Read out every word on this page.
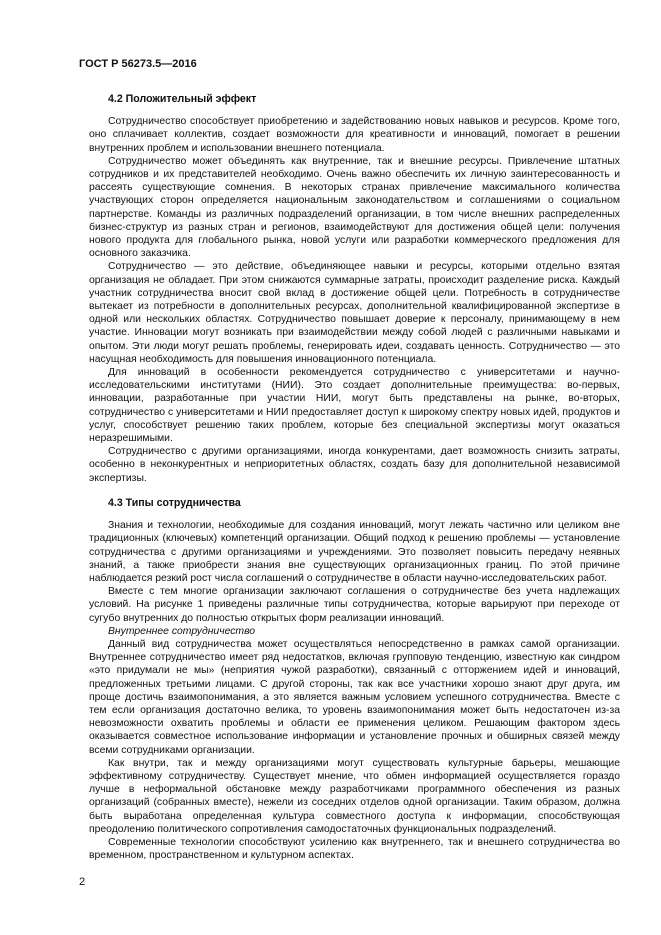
ГОСТ Р 56273.5—2016
4.2 Положительный эффект

Сотрудничество способствует приобретению и задействованию новых навыков и ресурсов. Кроме того, оно сплачивает коллектив, создает возможности для креативности и инноваций, помогает в решении внутренних проблем и использовании внешнего потенциала.

Сотрудничество может объединять как внутренние, так и внешние ресурсы. Привлечение штатных сотрудников и их представителей необходимо. Очень важно обеспечить их личную заинтересованность и рассеять существующие сомнения. В некоторых странах привлечение максимального количества участвующих сторон определяется национальным законодательством и соглашениями о социальном партнерстве. Команды из различных подразделений организации, в том числе внешних распределенных бизнес-структур из разных стран и регионов, взаимодействуют для достижения общей цели: получения нового продукта для глобального рынка, новой услуги или разработки коммерческого предложения для основного заказчика.

Сотрудничество — это действие, объединяющее навыки и ресурсы, которыми отдельно взятая организация не обладает. При этом снижаются суммарные затраты, происходит разделение риска. Каждый участник сотрудничества вносит свой вклад в достижение общей цели. Потребность в сотрудничестве вытекает из потребности в дополнительных ресурсах, дополнительной квалифицированной экспертизе в одной или нескольких областях. Сотрудничество повышает доверие к персоналу, принимающему в нем участие. Инновации могут возникать при взаимодействии между собой людей с различными навыками и опытом. Эти люди могут решать проблемы, генерировать идеи, создавать ценность. Сотрудничество — это насущная необходимость для повышения инновационного потенциала.

Для инноваций в особенности рекомендуется сотрудничество с университетами и научно-исследовательскими институтами (НИИ). Это создает дополнительные преимущества: во-первых, инновации, разработанные при участии НИИ, могут быть представлены на рынке, во-вторых, сотрудничество с университетами и НИИ предоставляет доступ к широкому спектру новых идей, продуктов и услуг, способствует решению таких проблем, которые без специальной экспертизы могут оказаться неразрешимыми.

Сотрудничество с другими организациями, иногда конкурентами, дает возможность снизить затраты, особенно в неконкурентных и неприоритетных областях, создать базу для дополнительной независимой экспертизы.

4.3 Типы сотрудничества

Знания и технологии, необходимые для создания инноваций, могут лежать частично или целиком вне традиционных (ключевых) компетенций организации. Общий подход к решению проблемы — установление сотрудничества с другими организациями и учреждениями. Это позволяет повысить передачу неявных знаний, а также приобрести знания вне существующих организационных границ. По этой причине наблюдается резкий рост числа соглашений о сотрудничестве в области научно-исследовательских работ.

Вместе с тем многие организации заключают соглашения о сотрудничестве без учета надлежащих условий. На рисунке 1 приведены различные типы сотрудничества, которые варьируют при переходе от сугубо внутренних до полностью открытых форм реализации инноваций.

Внутреннее сотрудничество

Данный вид сотрудничества может осуществляться непосредственно в рамках самой организации. Внутреннее сотрудничество имеет ряд недостатков, включая групповую тенденцию, известную как синдром «это придумали не мы» (неприятия чужой разработки), связанный с отторжением идей и инноваций, предложенных третьими лицами. С другой стороны, так как все участники хорошо знают друг друга, им проще достичь взаимопонимания, а это является важным условием успешного сотрудничества. Вместе с тем если организация достаточно велика, то уровень взаимопонимания может быть недостаточен из-за невозможности охватить проблемы и области ее применения целиком. Решающим фактором здесь оказывается совместное использование информации и установление прочных и обширных связей между всеми сотрудниками организации.

Как внутри, так и между организациями могут существовать культурные барьеры, мешающие эффективному сотрудничеству. Существует мнение, что обмен информацией осуществляется гораздо лучше в неформальной обстановке между разработчиками программного обеспечения из разных организаций (собранных вместе), нежели из соседних отделов одной организации. Таким образом, должна быть выработана определенная культура совместного доступа к информации, способствующая преодолению политического сопротивления самодостаточных функциональных подразделений.

Современные технологии способствуют усилению как внутреннего, так и внешнего сотрудничества во временном, пространственном и культурном аспектах.

2
